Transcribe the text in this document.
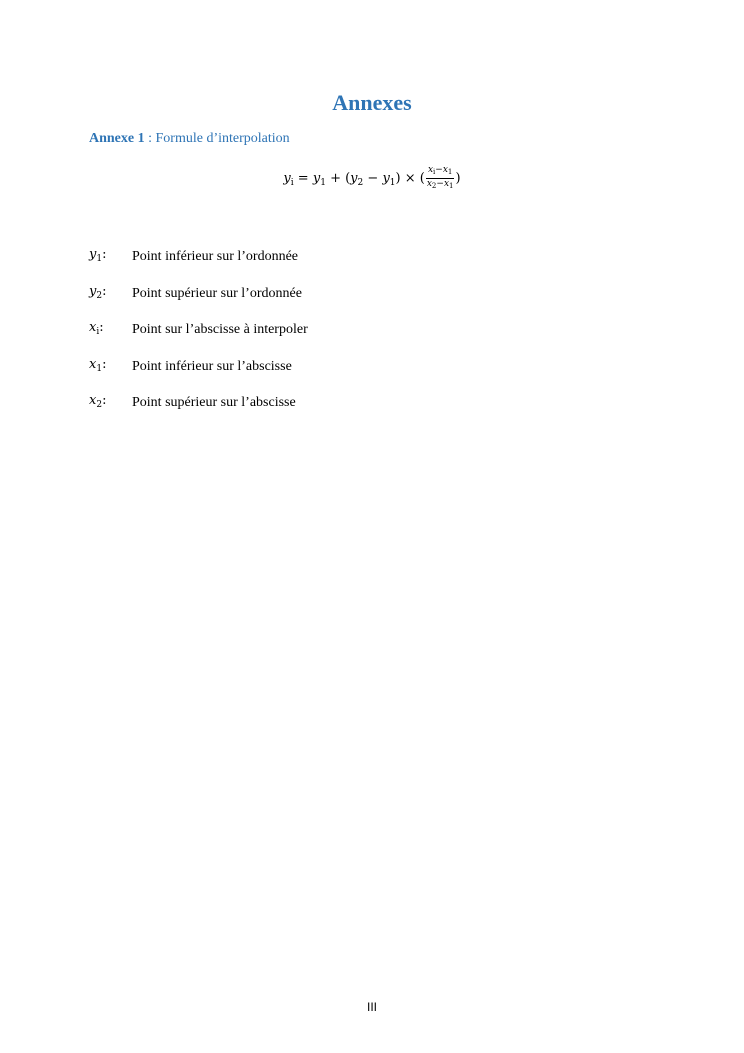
Annexes
Annexe 1 : Formule d’interpolation
$y_i = y_1 + (y_2 - y_1)$ × ( $\frac{x_i-x_1}{x_2-x_1}$ )
$y_1$: Point inférieur sur l’ordonnée
$y_2$: Point supérieur sur l’ordonnée
$x_i$: Point sur l’abscisse à interpoler
$x_1$: Point inférieur sur l’abscisse
$x_2$: Point supérieur sur l’abscisse
III
